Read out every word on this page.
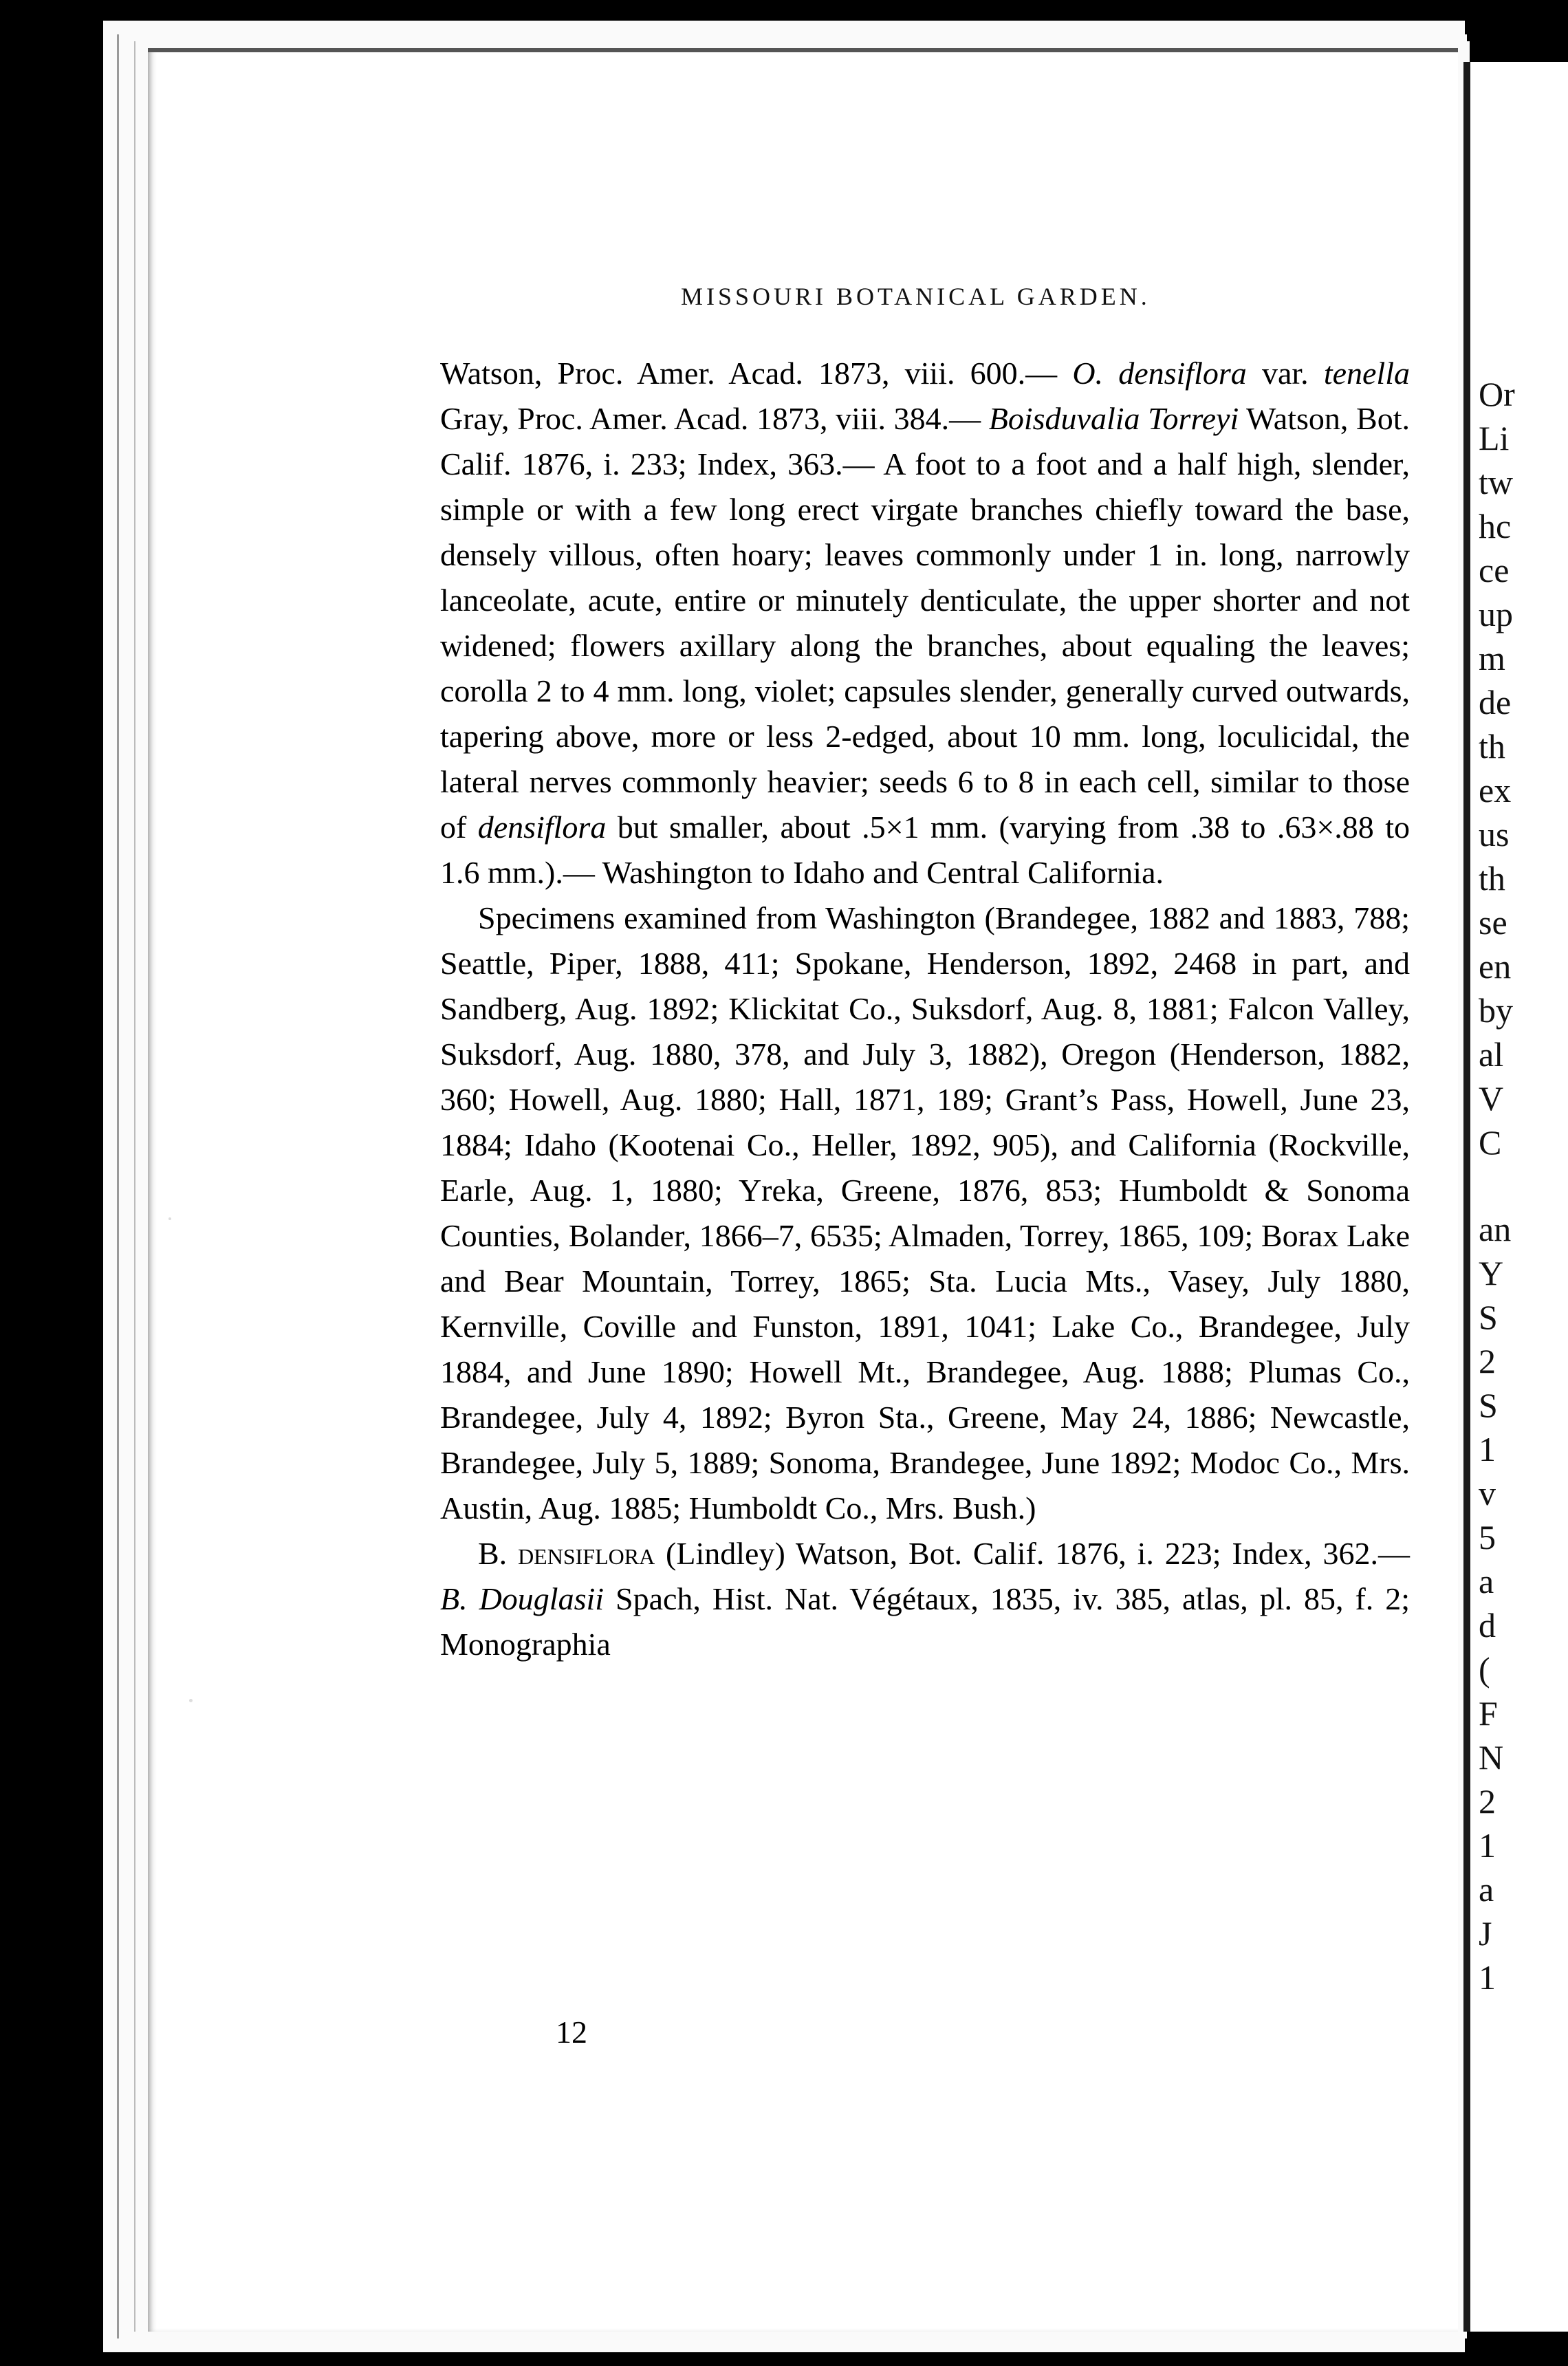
Or
Li
tw
hc
ce
up
m
de
th
ex
us
th
se
en
by
al
V
C
an
Y
S
2
S
1
v
5
a
d
(
F
N
2
1
a
J
1
MISSOURI BOTANICAL GARDEN.

Watson, Proc. Amer. Acad. 1873, viii. 600.— O. densiflora var. tenella Gray, Proc. Amer. Acad. 1873, viii. 384.— Boisduvalia Torreyi Watson, Bot. Calif. 1876, i. 233; Index, 363.— A foot to a foot and a half high, slender, simple or with a few long erect virgate branches chiefly toward the base, densely villous, often hoary; leaves commonly under 1 in. long, narrowly lanceolate, acute, entire or minutely denticulate, the upper shorter and not widened; flowers axillary along the branches, about equaling the leaves; corolla 2 to 4 mm. long, violet; capsules slender, generally curved outwards, tapering above, more or less 2-edged, about 10 mm. long, loculicidal, the lateral nerves commonly heavier; seeds 6 to 8 in each cell, similar to those of densiflora but smaller, about .5×1 mm. (varying from .38 to .63×.88 to 1.6 mm.).— Washington to Idaho and Central California.

Specimens examined from Washington (Brandegee, 1882 and 1883, 788; Seattle, Piper, 1888, 411; Spokane, Henderson, 1892, 2468 in part, and Sandberg, Aug. 1892; Klickitat Co., Suksdorf, Aug. 8, 1881; Falcon Valley, Suksdorf, Aug. 1880, 378, and July 3, 1882), Oregon (Henderson, 1882, 360; Howell, Aug. 1880; Hall, 1871, 189; Grant’s Pass, Howell, June 23, 1884; Idaho (Kootenai Co., Heller, 1892, 905), and California (Rockville, Earle, Aug. 1, 1880; Yreka, Greene, 1876, 853; Humboldt & Sonoma Counties, Bolander, 1866–7, 6535; Almaden, Torrey, 1865, 109; Borax Lake and Bear Mountain, Torrey, 1865; Sta. Lucia Mts., Vasey, July 1880, Kernville, Coville and Funston, 1891, 1041; Lake Co., Brandegee, July 1884, and June 1890; Howell Mt., Brandegee, Aug. 1888; Plumas Co., Brandegee, July 4, 1892; Byron Sta., Greene, May 24, 1886; Newcastle, Brandegee, July 5, 1889; Sonoma, Brandegee, June 1892; Modoc Co., Mrs. Austin, Aug. 1885; Humboldt Co., Mrs. Bush.)

B. densiflora (Lindley) Watson, Bot. Calif. 1876, i. 223; Index, 362.— B. Douglasii Spach, Hist. Nat. Végétaux, 1835, iv. 385, atlas, pl. 85, f. 2; Monographia

12
